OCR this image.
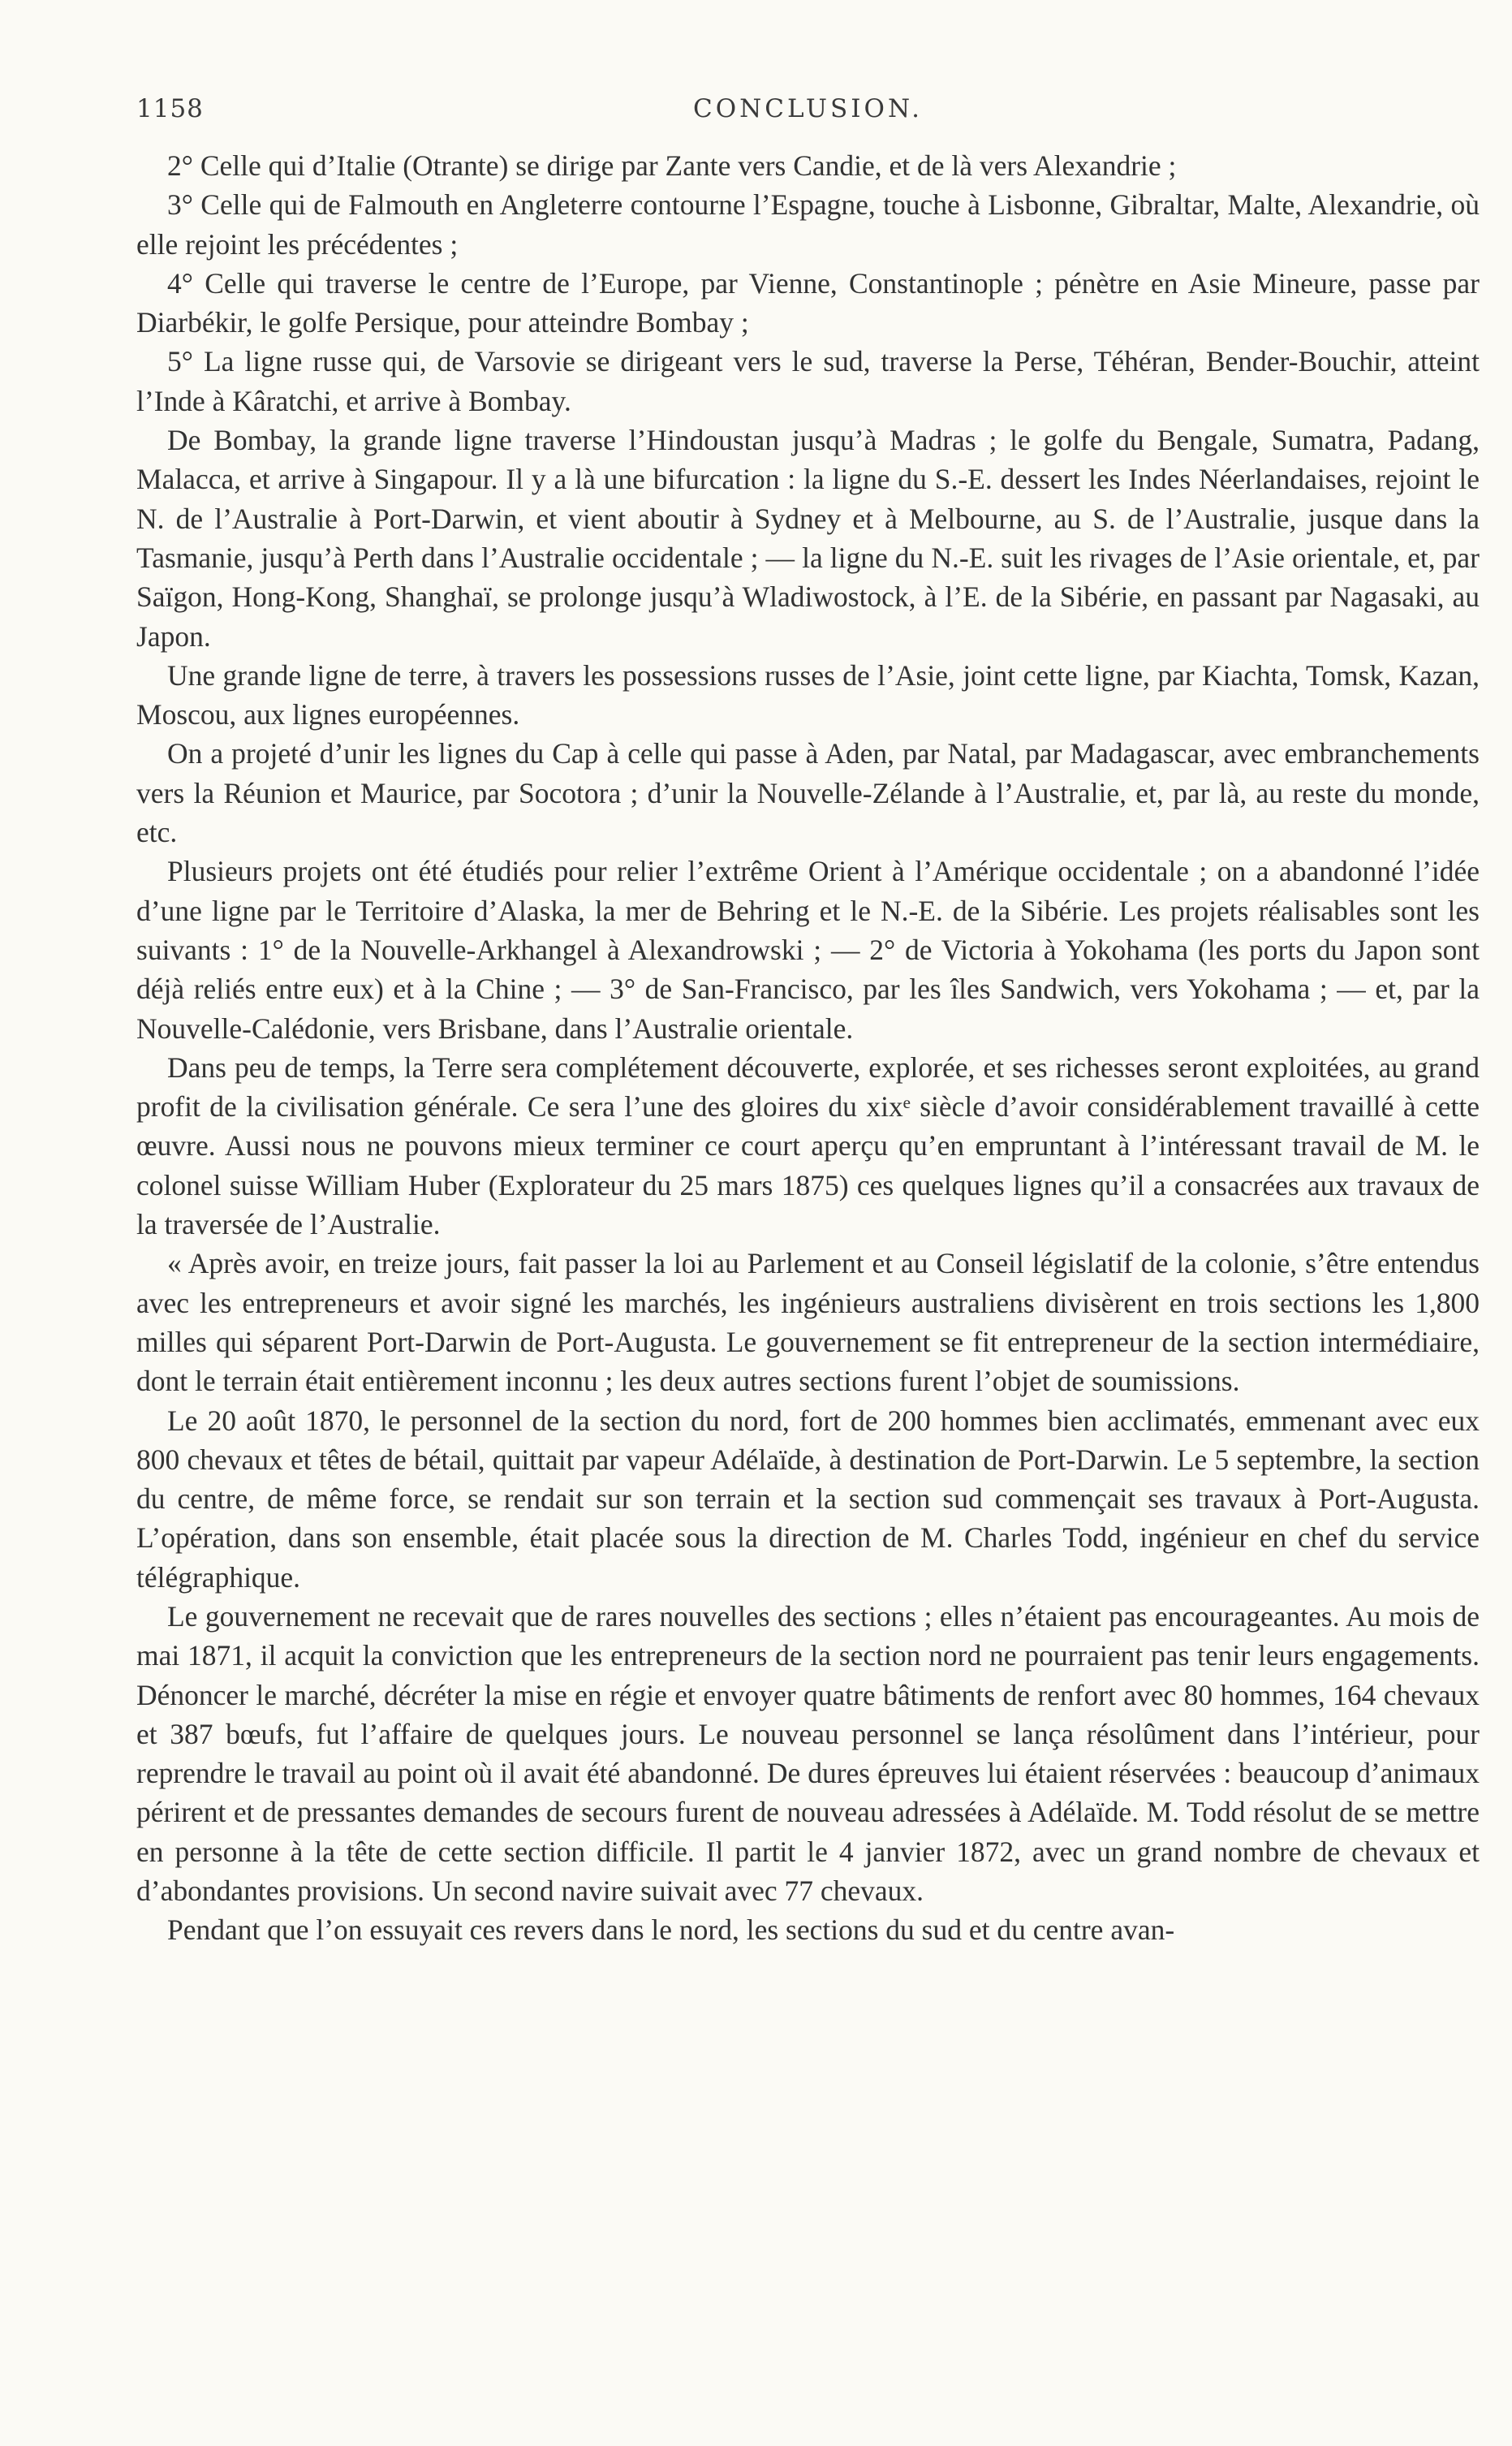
1158	CONCLUSION.

2° Celle qui d’Italie (Otrante) se dirige par Zante vers Candie, et de là vers Alexandrie ;

3° Celle qui de Falmouth en Angleterre contourne l’Espagne, touche à Lisbonne, Gibraltar, Malte, Alexandrie, où elle rejoint les précédentes ;

4° Celle qui traverse le centre de l’Europe, par Vienne, Constantinople ; pénètre en Asie Mineure, passe par Diarbékir, le golfe Persique, pour atteindre Bombay ;

5° La ligne russe qui, de Varsovie se dirigeant vers le sud, traverse la Perse, Téhéran, Bender-Bouchir, atteint l’Inde à Kâratchi, et arrive à Bombay.

De Bombay, la grande ligne traverse l’Hindoustan jusqu’à Madras ; le golfe du Bengale, Sumatra, Padang, Malacca, et arrive à Singapour. Il y a là une bifurcation : la ligne du S.-E. dessert les Indes Néerlandaises, rejoint le N. de l’Australie à Port-Darwin, et vient aboutir à Sydney et à Melbourne, au S. de l’Australie, jusque dans la Tasmanie, jusqu’à Perth dans l’Australie occidentale ; — la ligne du N.-E. suit les rivages de l’Asie orientale, et, par Saïgon, Hong-Kong, Shanghaï, se prolonge jusqu’à Wladiwostock, à l’E. de la Sibérie, en passant par Nagasaki, au Japon.

Une grande ligne de terre, à travers les possessions russes de l’Asie, joint cette ligne, par Kiachta, Tomsk, Kazan, Moscou, aux lignes européennes.

On a projeté d’unir les lignes du Cap à celle qui passe à Aden, par Natal, par Madagascar, avec embranchements vers la Réunion et Maurice, par Socotora ; d’unir la Nouvelle-Zélande à l’Australie, et, par là, au reste du monde, etc.

Plusieurs projets ont été étudiés pour relier l’extrême Orient à l’Amérique occidentale ; on a abandonné l’idée d’une ligne par le Territoire d’Alaska, la mer de Behring et le N.-E. de la Sibérie. Les projets réalisables sont les suivants : 1° de la Nouvelle-Arkhangel à Alexandrowski ; — 2° de Victoria à Yokohama (les ports du Japon sont déjà reliés entre eux) et à la Chine ; — 3° de San-Francisco, par les îles Sandwich, vers Yokohama ; — et, par la Nouvelle-Calédonie, vers Brisbane, dans l’Australie orientale.

Dans peu de temps, la Terre sera complétement découverte, explorée, et ses richesses seront exploitées, au grand profit de la civilisation générale. Ce sera l’une des gloires du xixᵉ siècle d’avoir considérablement travaillé à cette œuvre. Aussi nous ne pouvons mieux terminer ce court aperçu qu’en empruntant à l’intéressant travail de M. le colonel suisse William Huber (Explorateur du 25 mars 1875) ces quelques lignes qu’il a consacrées aux travaux de la traversée de l’Australie.

« Après avoir, en treize jours, fait passer la loi au Parlement et au Conseil législatif de la colonie, s’être entendus avec les entrepreneurs et avoir signé les marchés, les ingénieurs australiens divisèrent en trois sections les 1,800 milles qui séparent Port-Darwin de Port-Augusta. Le gouvernement se fit entrepreneur de la section intermédiaire, dont le terrain était entièrement inconnu ; les deux autres sections furent l’objet de soumissions.

Le 20 août 1870, le personnel de la section du nord, fort de 200 hommes bien acclimatés, emmenant avec eux 800 chevaux et têtes de bétail, quittait par vapeur Adélaïde, à destination de Port-Darwin. Le 5 septembre, la section du centre, de même force, se rendait sur son terrain et la section sud commençait ses travaux à Port-Augusta. L’opération, dans son ensemble, était placée sous la direction de M. Charles Todd, ingénieur en chef du service télégraphique.

Le gouvernement ne recevait que de rares nouvelles des sections ; elles n’étaient pas encourageantes. Au mois de mai 1871, il acquit la conviction que les entrepreneurs de la section nord ne pourraient pas tenir leurs engagements. Dénoncer le marché, décréter la mise en régie et envoyer quatre bâtiments de renfort avec 80 hommes, 164 chevaux et 387 bœufs, fut l’affaire de quelques jours. Le nouveau personnel se lança résolûment dans l’intérieur, pour reprendre le travail au point où il avait été abandonné. De dures épreuves lui étaient réservées : beaucoup d’animaux périrent et de pressantes demandes de secours furent de nouveau adressées à Adélaïde. M. Todd résolut de se mettre en personne à la tête de cette section difficile. Il partit le 4 janvier 1872, avec un grand nombre de chevaux et d’abondantes provisions. Un second navire suivait avec 77 chevaux.

Pendant que l’on essuyait ces revers dans le nord, les sections du sud et du centre avan-
